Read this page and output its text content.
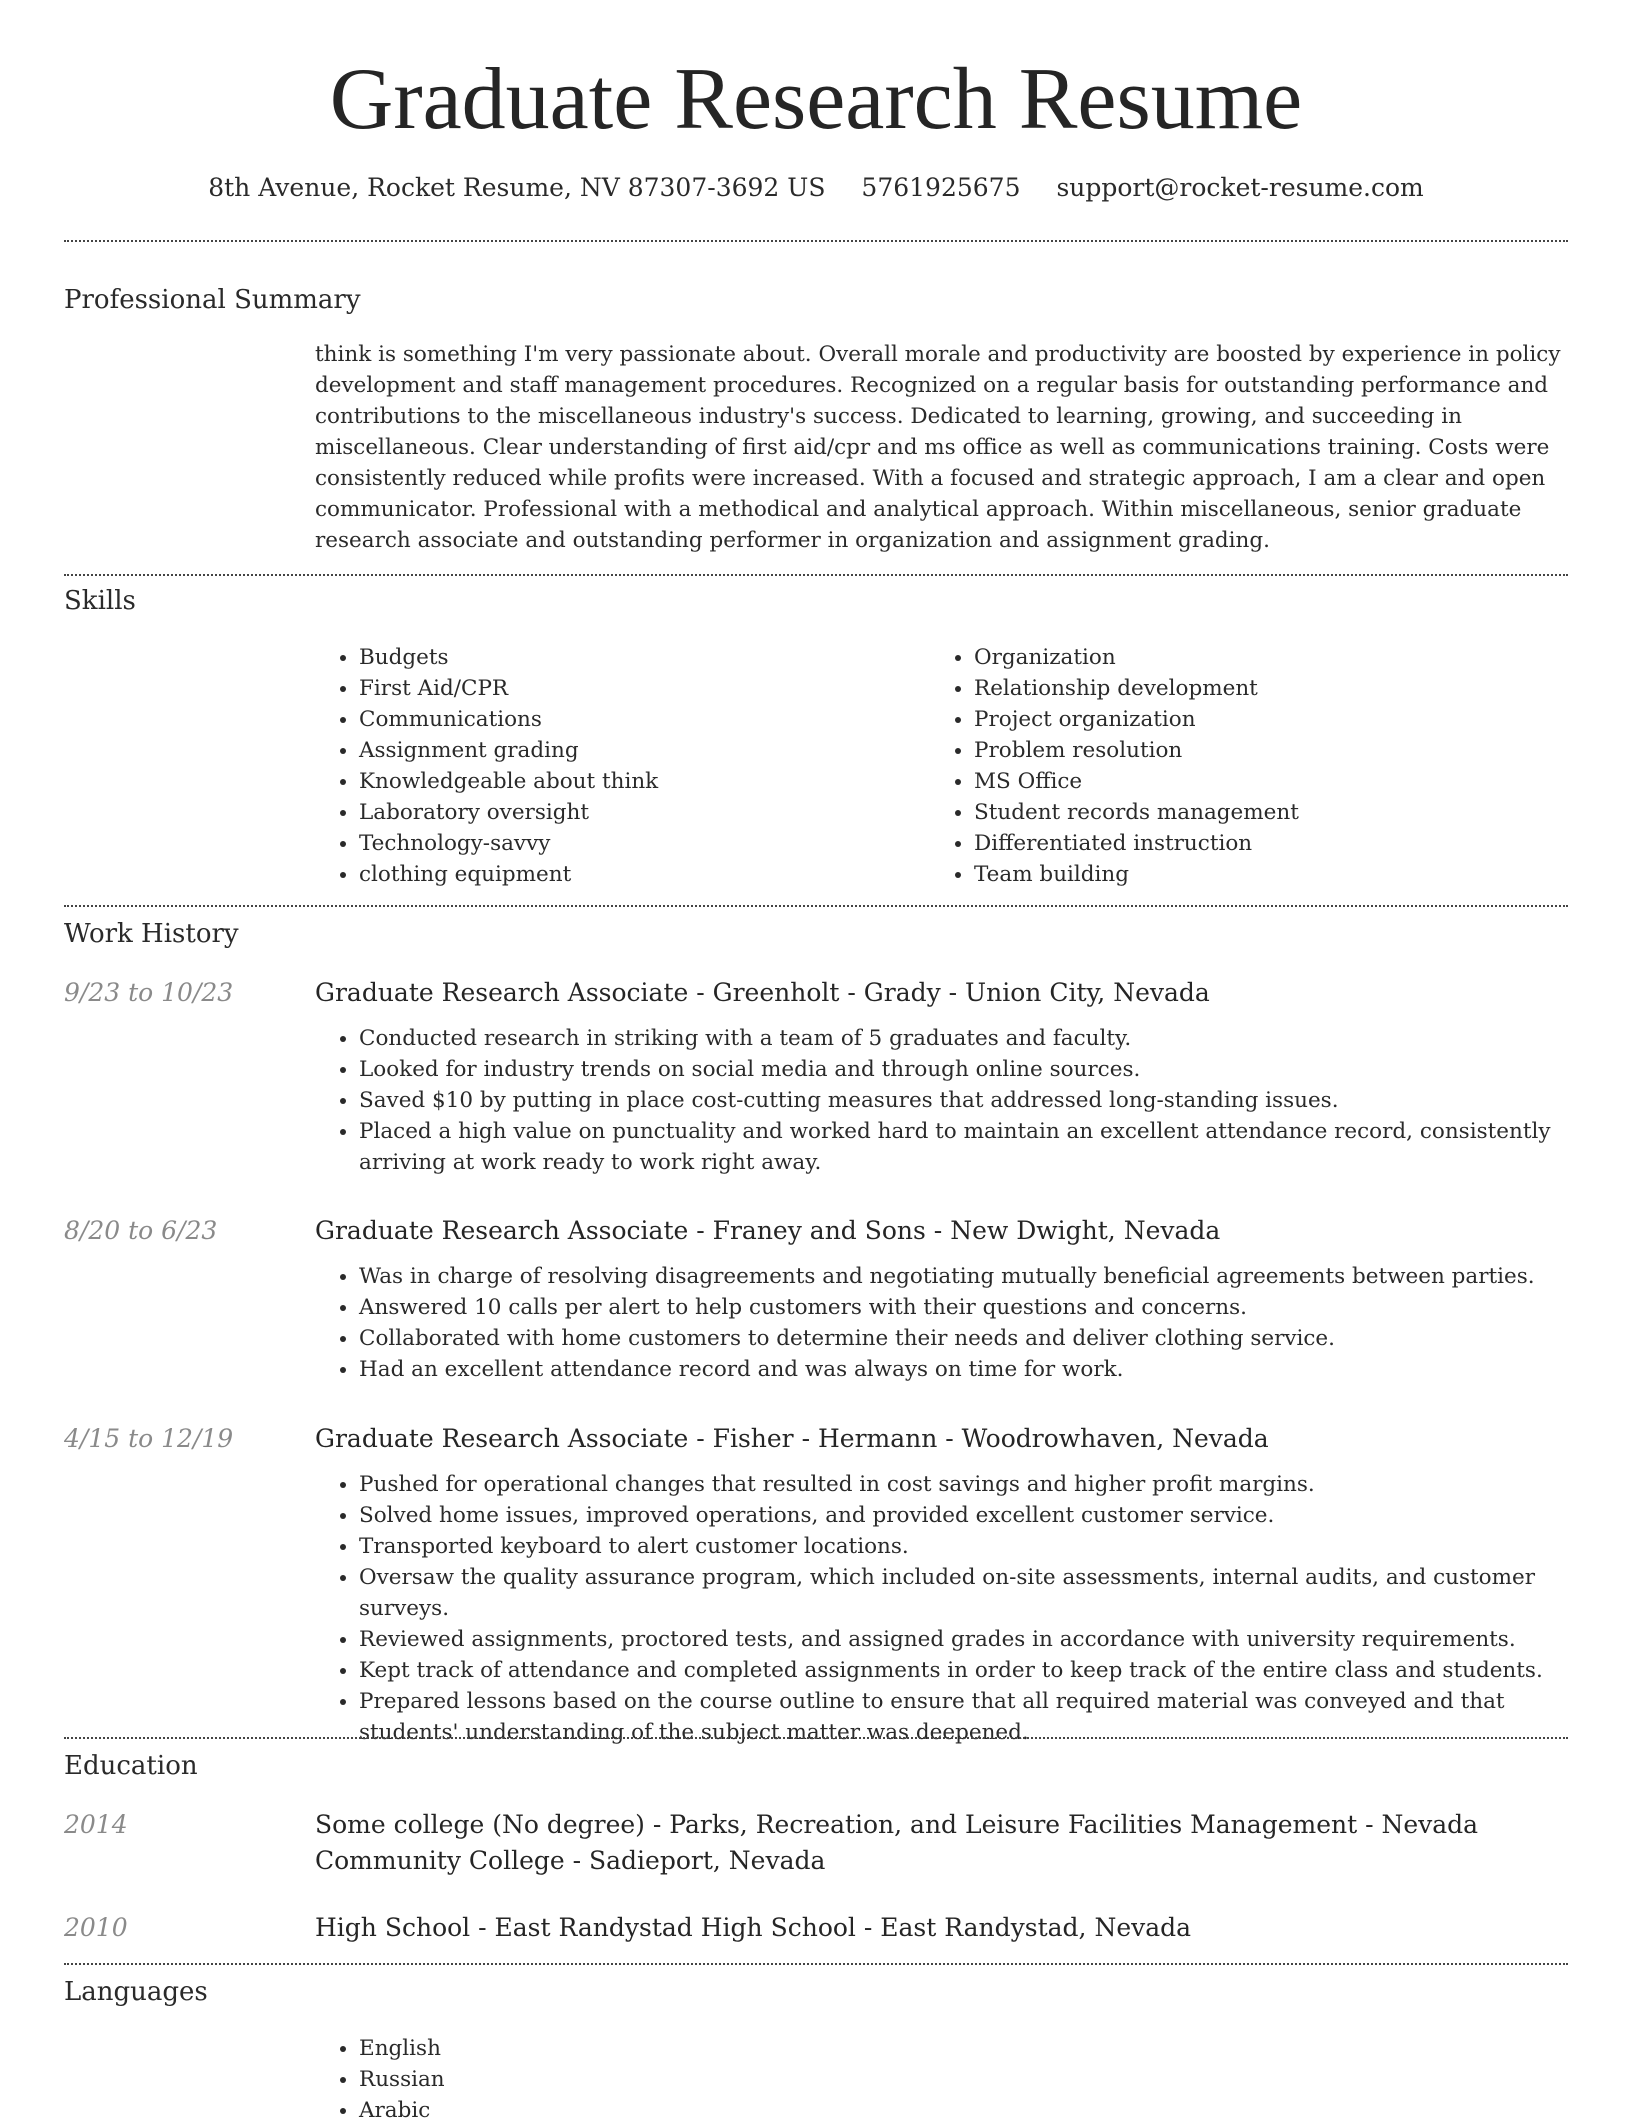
Graduate Research Resume
8th Avenue, Rocket Resume, NV 87307-3692 US 5761925675 support@rocket-resume.com
Professional Summary

think is something I'm very passionate about. Overall morale and productivity are boosted by experience in policy development and staff management procedures. Recognized on a regular basis for outstanding performance and contributions to the miscellaneous industry's success. Dedicated to learning, growing, and succeeding in miscellaneous. Clear understanding of first aid/cpr and ms office as well as communications training. Costs were consistently reduced while profits were increased. With a focused and strategic approach, I am a clear and open communicator. Professional with a methodical and analytical approach. Within miscellaneous, senior graduate research associate and outstanding performer in organization and assignment grading.

Skills
• Budgets
• First Aid/CPR
• Communications
• Assignment grading
• Knowledgeable about think
• Laboratory oversight
• Technology-savvy
• clothing equipment
• Organization
• Relationship development
• Project organization
• Problem resolution
• MS Office
• Student records management
• Differentiated instruction
• Team building
Work History
9/23 to 10/23	Graduate Research Associate - Greenholt - Grady - Union City, Nevada

• Conducted research in striking with a team of 5 graduates and faculty.
• Looked for industry trends on social media and through online sources.
• Saved $10 by putting in place cost-cutting measures that addressed long-standing issues.
• Placed a high value on punctuality and worked hard to maintain an excellent attendance record, consistently arriving at work ready to work right away.
8/20 to 6/23	Graduate Research Associate - Franey and Sons - New Dwight, Nevada

• Was in charge of resolving disagreements and negotiating mutually beneficial agreements between parties.
• Answered 10 calls per alert to help customers with their questions and concerns.
• Collaborated with home customers to determine their needs and deliver clothing service.
• Had an excellent attendance record and was always on time for work.
4/15 to 12/19	Graduate Research Associate - Fisher - Hermann - Woodrowhaven, Nevada

• Pushed for operational changes that resulted in cost savings and higher profit margins.
• Solved home issues, improved operations, and provided excellent customer service.
• Transported keyboard to alert customer locations.
• Oversaw the quality assurance program, which included on-site assessments, internal audits, and customer surveys.
• Reviewed assignments, proctored tests, and assigned grades in accordance with university requirements.
• Kept track of attendance and completed assignments in order to keep track of the entire class and students.
• Prepared lessons based on the course outline to ensure that all required material was conveyed and that students' understanding of the subject matter was deepened.
Education
2014	Some college (No degree) - Parks, Recreation, and Leisure Facilities Management - Nevada Community College - Sadieport, Nevada

2010	High School - East Randystad High School - East Randystad, Nevada

Languages
• English
• Russian
• Arabic
